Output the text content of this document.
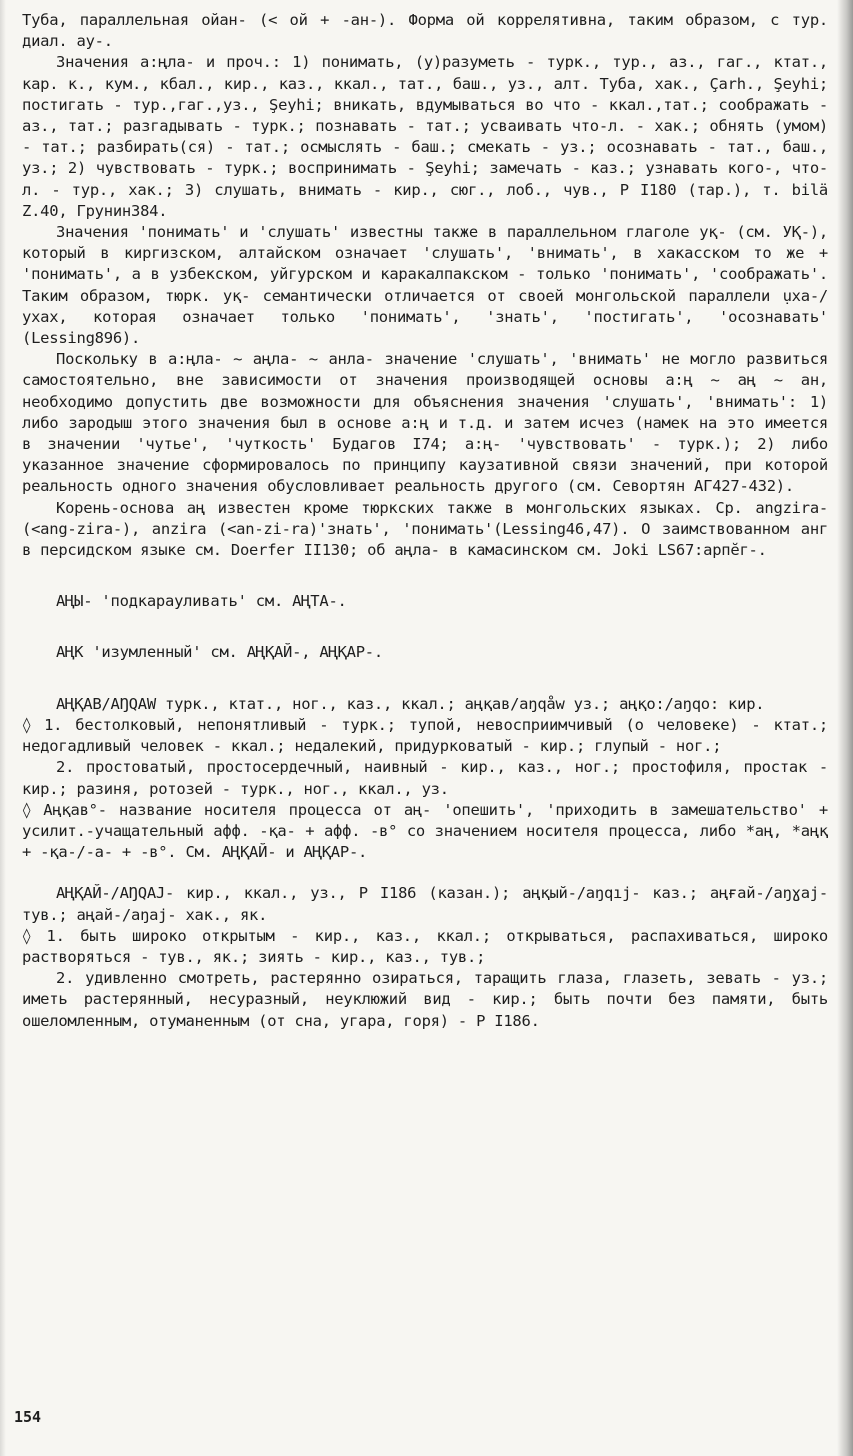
Туба, параллельная ойан- (< ой + -ан-). Форма ой коррелятивна, таким образом, с тур. диал. ау-.

Значения а:ңла- и проч.: 1) понимать, (у)разуметь - турк., тур., аз., гаг., ктат., кар. к., кум., кбал., кир., каз., ккал., тат., баш., уз., алт. Туба, хак., Çarh., Şeyhi; постигать - тур.,гаг.,уз., Şeyhi; вникать, вдумываться во что - ккал.,тат.; соображать - аз., тат.; разгадывать - турк.; познавать - тат.; усваивать что-л. - хак.; обнять (умом) - тат.; разбирать(ся) - тат.; осмыслять - баш.; смекать - уз.; осознавать - тат., баш., уз.; 2) чувствовать - турк.; воспринимать - Şeyhi; замечать - каз.; узнавать кого-, что-л. - тур., хак.; 3) слушать, внимать - кир., сюг., лоб., чув., Р I180 (тар.), т. bilä Z.40, Грунин384.

Значения 'понимать' и 'слушать' известны также в параллельном глаголе уқ- (см. УҚ-), который в киргизском, алтайском означает 'слушать', 'внимать', в хакасском то же + 'понимать', а в узбекском, уйгурском и каракалпакском - только 'понимать', 'соображать'. Таким образом, тюрк. уқ- семантически отличается от своей монгольской параллели ụха-/ухах, которая означает только 'понимать', 'знать', 'постигать', 'осознавать' (Lessing896).

Поскольку в а:ңла- ~ аңла- ~ анла- значение 'слушать', 'внимать' не могло развиться самостоятельно, вне зависимости от значения производящей основы а:ң ~ аң ~ ан, необходимо допустить две возможности для объяснения значения 'слушать', 'внимать': 1) либо зародыш этого значения был в основе а:ң и т.д. и затем исчез (намек на это имеется в значении 'чутье', 'чуткость' Будагов I74; а:ң- 'чувствовать' - турк.); 2) либо указанное значение сформировалось по принципу каузативной связи значений, при которой реальность одного значения обусловливает реальность другого (см. Севортян АГ427-432).

Корень-основа аң известен кроме тюркских также в монгольских языках. Ср. angzira- (<ang-zira-), anzira (<an-zi-ra)'знать', 'понимать'(Lessing46,47). О заимствованном анг в персидском языке см. Doerfer II130; об аңла- в камасинском см. Joki LS67:арпĕг-.

АҢЫ- 'подкарауливать' см. АҢТА-.

АҢК 'изумленный' см. АҢҚАЙ-, АҢҚАР-.

АҢҚАВ/AŊQAW турк., ктат., ног., каз., ккал.; аңқав/aŋqåw уз.; аңқо:/aŋqo: кир.

◊ 1. бестолковый, непонятливый - турк.; тупой, невосприимчивый (о человеке) - ктат.; недогадливый человек - ккал.; недалекий, придурковатый - кир.; глупый - ног.;

2. простоватый, простосердечный, наивный - кир., каз., ног.; простофиля, простак - кир.; разиня, ротозей - турк., ног., ккал., уз.

◊ Аңқав°- название носителя процесса от аң- 'опешить', 'приходить в замешательство' + усилит.-учащательный афф. -қа- + афф. -в° со значением носителя процесса, либо *аң, *аңқ + -қа-/-а- + -в°. См. АҢҚАЙ- и АҢҚАР-.

АҢҚАЙ-/AŊQAJ- кир., ккал., уз., Р I186 (казан.); аңқый-/aŋqıj- каз.; аңғай-/aŋɣaj- тув.; аңай-/aŋaj- хак., як.

◊ 1. быть широко открытым - кир., каз., ккал.; открываться, распахиваться, широко растворяться - тув., як.; зиять - кир., каз., тув.;

2. удивленно смотреть, растерянно озираться, таращить глаза, глазеть, зевать - уз.; иметь растерянный, несуразный, неуклюжий вид - кир.; быть почти без памяти, быть ошеломленным, отуманенным (от сна, угара, горя) - Р I186.

154
